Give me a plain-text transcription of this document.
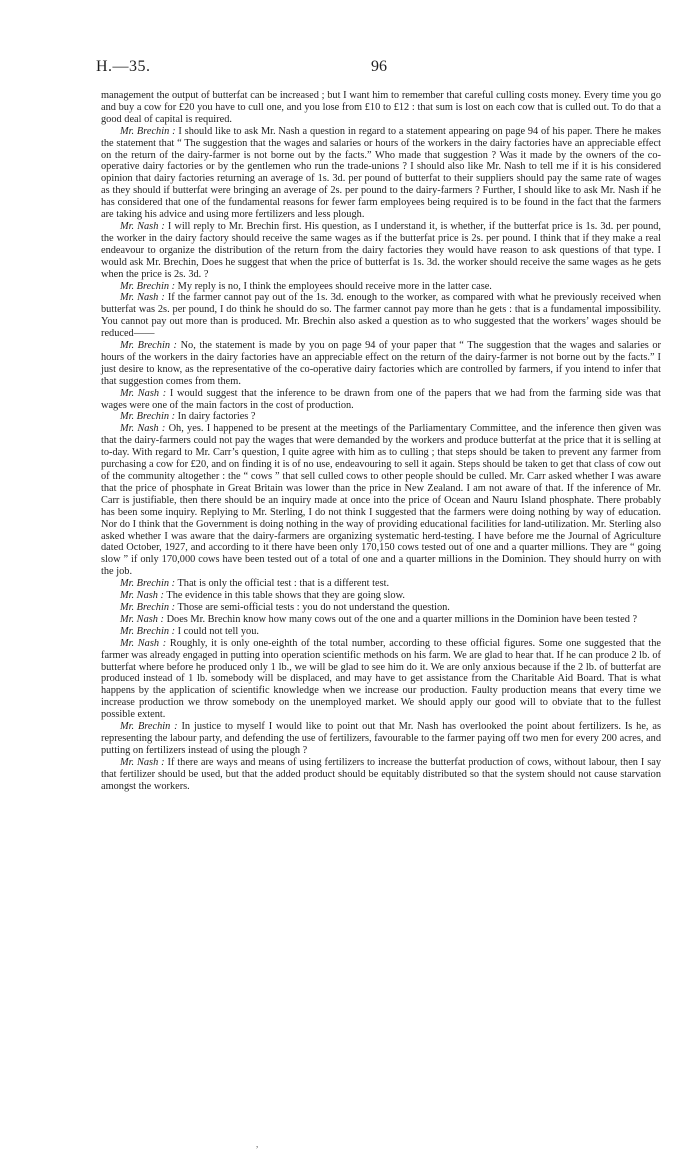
H.—35.	96

management the output of butterfat can be increased ; but I want him to remember that careful culling costs money. Every time you go and buy a cow for £20 you have to cull one, and you lose from £10 to £12 : that sum is lost on each cow that is culled out. To do that a good deal of capital is required.

Mr. Brechin : I should like to ask Mr. Nash a question in regard to a statement appearing on page 94 of his paper. There he makes the statement that “ The suggestion that the wages and salaries or hours of the workers in the dairy factories have an appreciable effect on the return of the dairy-farmer is not borne out by the facts.” Who made that suggestion ? Was it made by the owners of the co-operative dairy factories or by the gentlemen who run the trade-unions ? I should also like Mr. Nash to tell me if it is his considered opinion that dairy factories returning an average of 1s. 3d. per pound of butterfat to their suppliers should pay the same rate of wages as they should if butterfat were bringing an average of 2s. per pound to the dairy-farmers ? Further, I should like to ask Mr. Nash if he has considered that one of the fundamental reasons for fewer farm employees being required is to be found in the fact that the farmers are taking his advice and using more fertilizers and less plough.

Mr. Nash : I will reply to Mr. Brechin first. His question, as I understand it, is whether, if the butterfat price is 1s. 3d. per pound, the worker in the dairy factory should receive the same wages as if the butterfat price is 2s. per pound. I think that if they make a real endeavour to organize the distribution of the return from the dairy factories they would have reason to ask questions of that type. I would ask Mr. Brechin, Does he suggest that when the price of butterfat is 1s. 3d. the worker should receive the same wages as he gets when the price is 2s. 3d. ?

Mr. Brechin : My reply is no, I think the employees should receive more in the latter case.

Mr. Nash : If the farmer cannot pay out of the 1s. 3d. enough to the worker, as compared with what he previously received when butterfat was 2s. per pound, I do think he should do so. The farmer cannot pay more than he gets : that is a fundamental impossibility. You cannot pay out more than is produced. Mr. Brechin also asked a question as to who suggested that the workers’ wages should be reduced——

Mr. Brechin : No, the statement is made by you on page 94 of your paper that “ The suggestion that the wages and salaries or hours of the workers in the dairy factories have an appreciable effect on the return of the dairy-farmer is not borne out by the facts.” I just desire to know, as the representative of the co-operative dairy factories which are controlled by farmers, if you intend to infer that that suggestion comes from them.

Mr. Nash : I would suggest that the inference to be drawn from one of the papers that we had from the farming side was that wages were one of the main factors in the cost of production.

Mr. Brechin : In dairy factories ?

Mr. Nash : Oh, yes. I happened to be present at the meetings of the Parliamentary Committee, and the inference then given was that the dairy-farmers could not pay the wages that were demanded by the workers and produce butterfat at the price that it is selling at to-day. With regard to Mr. Carr’s question, I quite agree with him as to culling ; that steps should be taken to prevent any farmer from purchasing a cow for £20, and on finding it is of no use, endeavouring to sell it again. Steps should be taken to get that class of cow out of the community altogether : the “ cows ” that sell culled cows to other people should be culled. Mr. Carr asked whether I was aware that the price of phosphate in Great Britain was lower than the price in New Zealand. I am not aware of that. If the inference of Mr. Carr is justifiable, then there should be an inquiry made at once into the price of Ocean and Nauru Island phosphate. There probably has been some inquiry. Replying to Mr. Sterling, I do not think I suggested that the farmers were doing nothing by way of education. Nor do I think that the Government is doing nothing in the way of providing educational facilities for land-utilization. Mr. Sterling also asked whether I was aware that the dairy-farmers are organizing systematic herd-testing. I have before me the Journal of Agriculture dated October, 1927, and according to it there have been only 170,150 cows tested out of one and a quarter millions. They are “ going slow ” if only 170,000 cows have been tested out of a total of one and a quarter millions in the Dominion. They should hurry on with the job.

Mr. Brechin : That is only the official test : that is a different test.

Mr. Nash : The evidence in this table shows that they are going slow.

Mr. Brechin : Those are semi-official tests : you do not understand the question.

Mr. Nash : Does Mr. Brechin know how many cows out of the one and a quarter millions in the Dominion have been tested ?

Mr. Brechin : I could not tell you.

Mr. Nash : Roughly, it is only one-eighth of the total number, according to these official figures. Some one suggested that the farmer was already engaged in putting into operation scientific methods on his farm. We are glad to hear that. If he can produce 2 lb. of butterfat where before he produced only 1 lb., we will be glad to see him do it. We are only anxious because if the 2 lb. of butterfat are produced instead of 1 lb. somebody will be displaced, and may have to get assistance from the Charitable Aid Board. That is what happens by the application of scientific knowledge when we increase our production. Faulty production means that every time we increase production we throw somebody on the unemployed market. We should apply our good will to obviate that to the fullest possible extent.

Mr. Brechin : In justice to myself I would like to point out that Mr. Nash has overlooked the point about fertilizers. Is he, as representing the labour party, and defending the use of fertilizers, favourable to the farmer paying off two men for every 200 acres, and putting on fertilizers instead of using the plough ?

Mr. Nash : If there are ways and means of using fertilizers to increase the butterfat production of cows, without labour, then I say that fertilizer should be used, but that the added product should be equitably distributed so that the system should not cause starvation amongst the workers.

,
